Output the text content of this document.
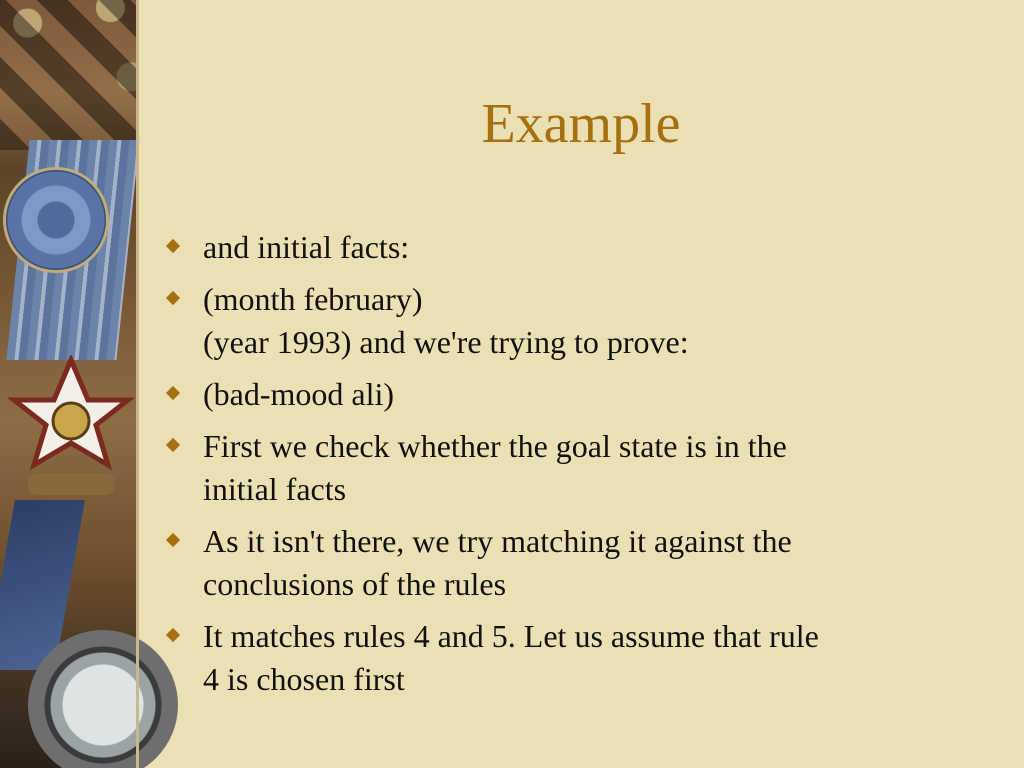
Example
and initial facts:
(month february)
(year 1993) and we're trying to prove:
(bad-mood ali)
First we check whether the goal state is in the
initial facts
As it isn't there, we try matching it against the
conclusions of the rules
It matches rules 4 and 5. Let us assume that rule
4 is chosen first
